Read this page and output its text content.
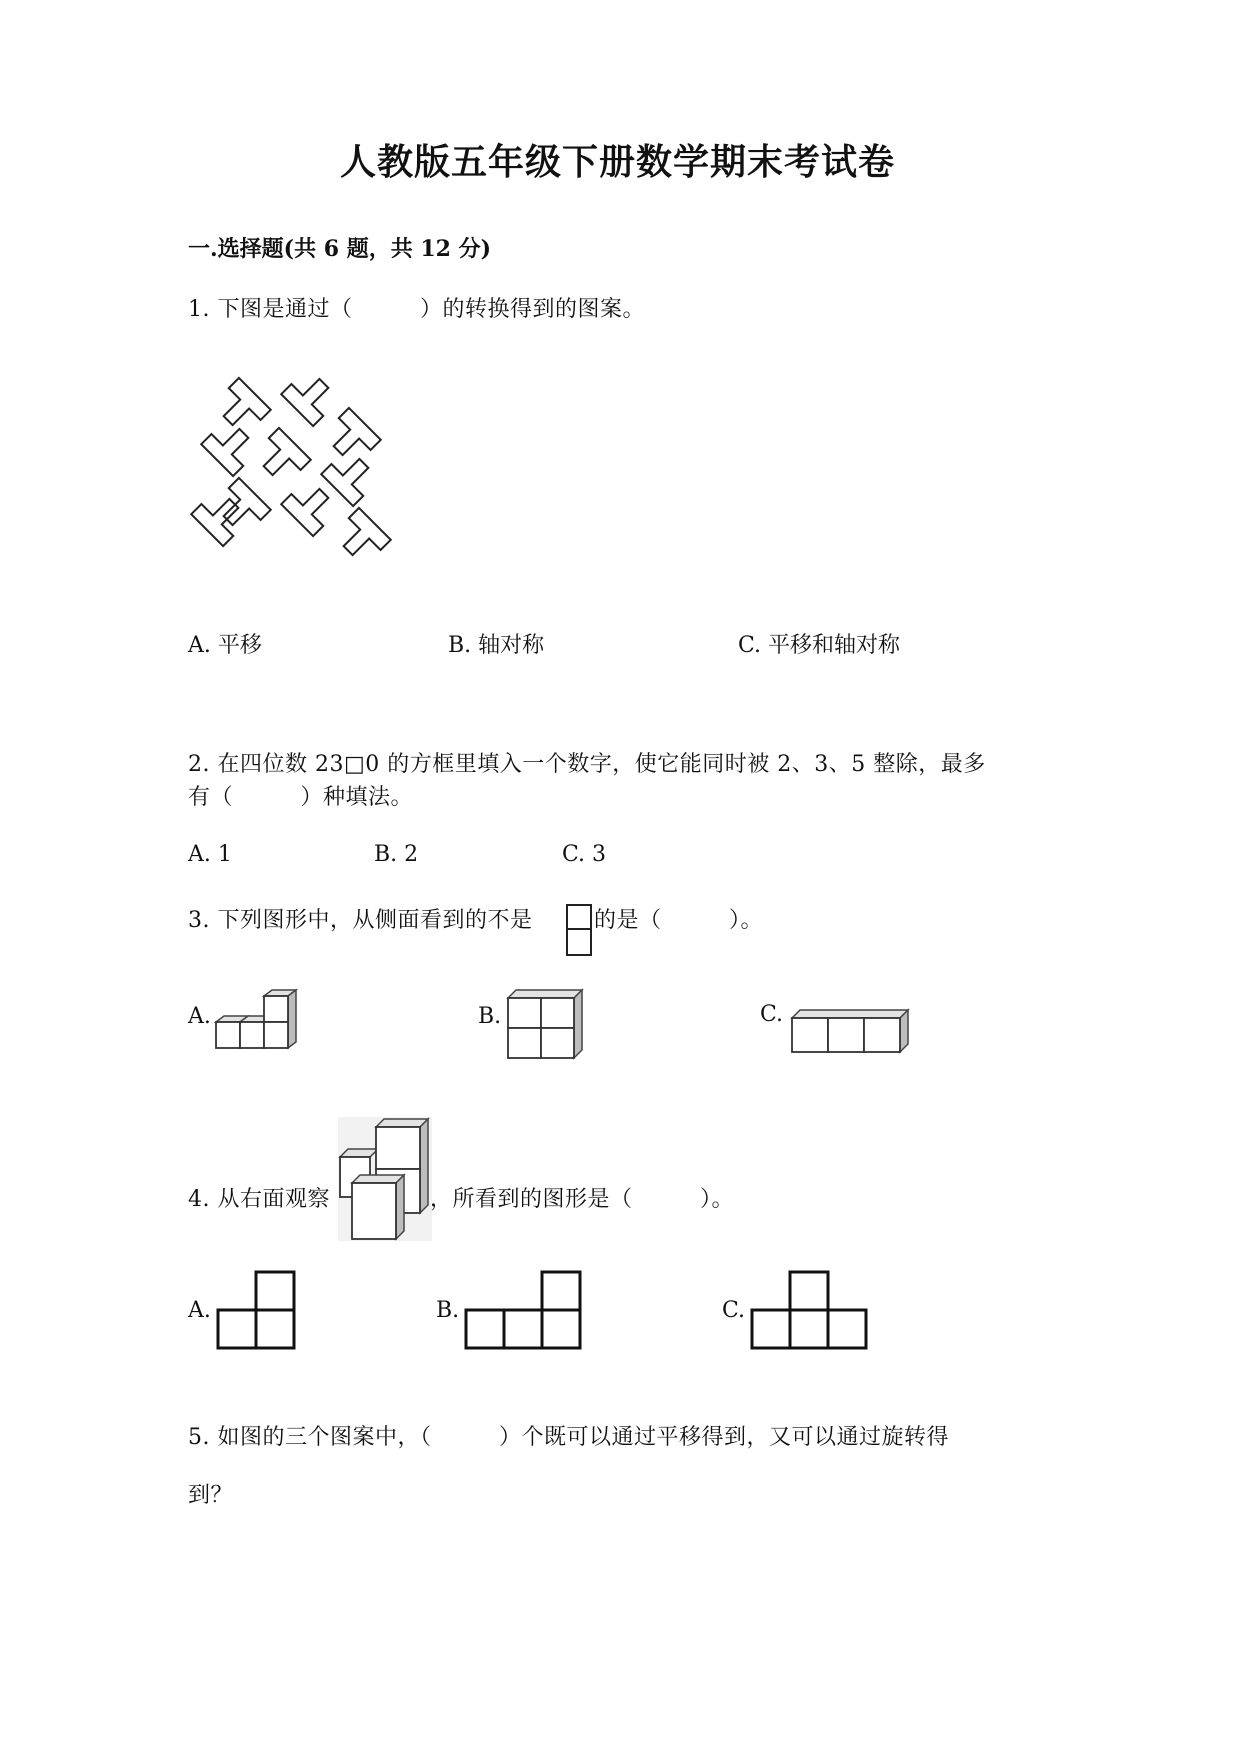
人教版五年级下册数学期末考试卷
一.选择题(共 6 题，共 12 分)
1. 下图是通过（　　　）的转换得到的图案。
A. 平移	B. 轴对称	C. 平移和轴对称
2. 在四位数 23□0 的方框里填入一个数字，使它能同时被 2、3、5 整除，最多
有（　　　）种填法。
A. 1	B. 2	C. 3
3. 下列图形中，从侧面看到的不是	的是（　　　）。
A.	B.	C.
4. 从右面观察	，所看到的图形是（　　　）。
A.	B.	C.
5. 如图的三个图案中，（　　　）个既可以通过平移得到，又可以通过旋转得
到？
